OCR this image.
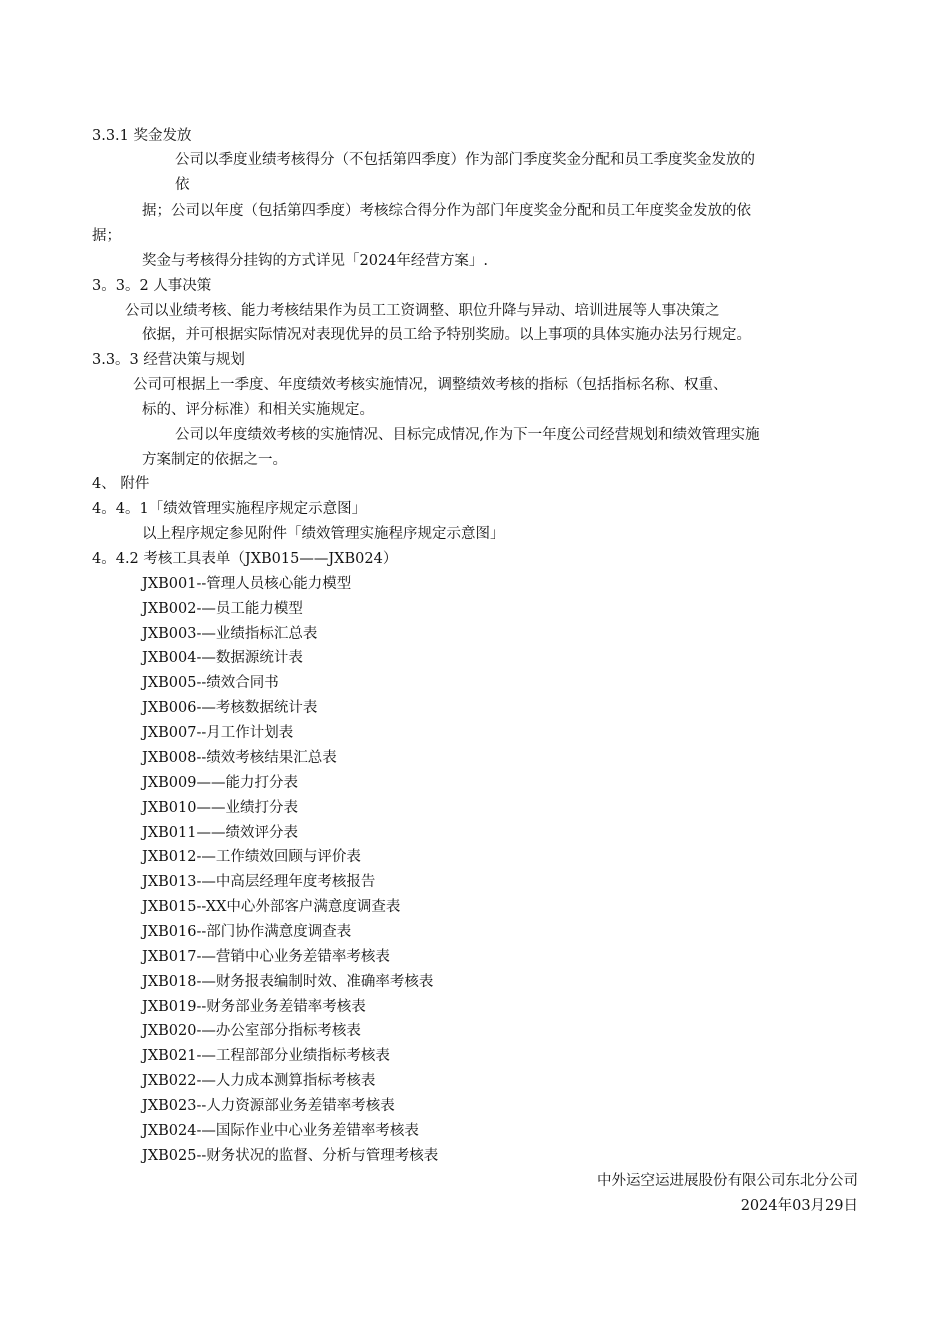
3.3.1 奖金发放
公司以季度业绩考核得分（不包括第四季度）作为部门季度奖金分配和员工季度奖金发放的
依
据；公司以年度（包括第四季度）考核综合得分作为部门年度奖金分配和员工年度奖金发放的依
据；
奖金与考核得分挂钩的方式详见「2024年经营方案」.
3。3。2 人事决策
公司以业绩考核、能力考核结果作为员工工资调整、职位升降与异动、培训进展等人事决策之
依据，并可根据实际情况对表现优异的员工给予特别奖励。以上事项的具体实施办法另行规定。
3.3。3 经营决策与规划
公司可根据上一季度、年度绩效考核实施情况，调整绩效考核的指标（包括指标名称、权重、
标的、评分标准）和相关实施规定。
公司以年度绩效考核的实施情况、目标完成情况,作为下一年度公司经营规划和绩效管理实施
方案制定的依据之一。
4、 附件
4。4。1「绩效管理实施程序规定示意图」
以上程序规定参见附件「绩效管理实施程序规定示意图」
4。4.2 考核工具表单（JXB015——JXB024）
JXB001--管理人员核心能力模型
JXB002-—员工能力模型
JXB003-—业绩指标汇总表
JXB004-—数据源统计表
JXB005--绩效合同书
JXB006-—考核数据统计表
JXB007--月工作计划表
JXB008--绩效考核结果汇总表
JXB009——能力打分表
JXB010——业绩打分表
JXB011——绩效评分表
JXB012-—工作绩效回顾与评价表
JXB013-—中高层经理年度考核报告
JXB015--XX中心外部客户满意度调查表
JXB016--部门协作满意度调查表
JXB017-—营销中心业务差错率考核表
JXB018-—财务报表编制时效、准确率考核表
JXB019--财务部业务差错率考核表
JXB020-—办公室部分指标考核表
JXB021-—工程部部分业绩指标考核表
JXB022-—人力成本测算指标考核表
JXB023--人力资源部业务差错率考核表
JXB024-—国际作业中心业务差错率考核表
JXB025--财务状况的监督、分析与管理考核表
中外运空运进展股份有限公司东北分公司
2024年03月29日
